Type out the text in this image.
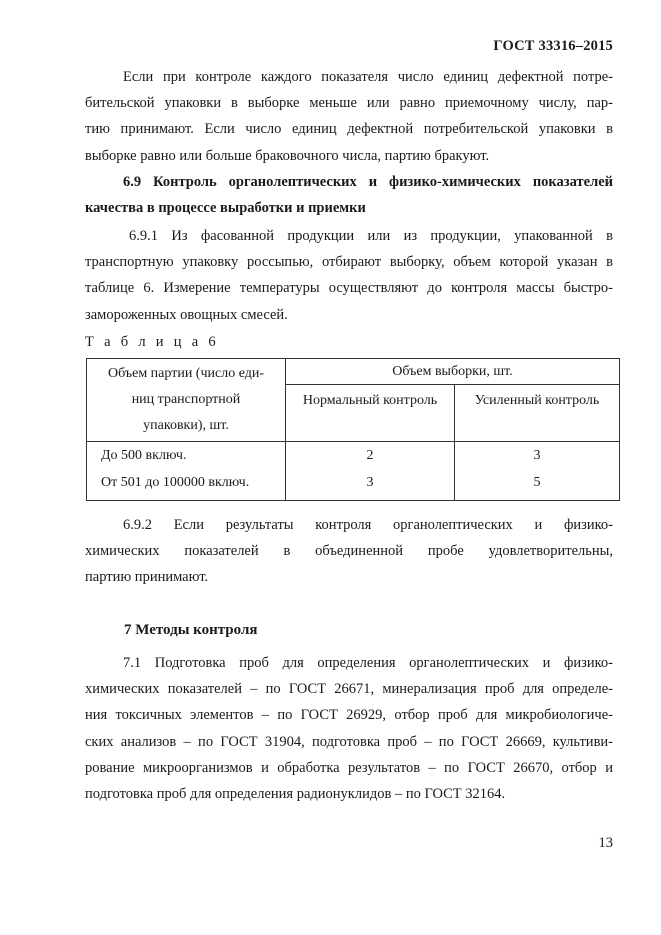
ГОСТ 33316–2015
Если при контроле каждого показателя число единиц дефектной потре-
бительской упаковки в выборке меньше или равно приемочному числу, пар-
тию принимают. Если число единиц дефектной потребительской упаковки в
выборке равно или больше браковочного числа, партию бракуют.
6.9 Контроль органолептических и физико-химических показателей
качества в процессе выработки и приемки
6.9.1 Из фасованной продукции или из продукции, упакованной в
транспортную упаковку россыпью, отбирают выборку, объем которой указан в
таблице 6. Измерение температуры осуществляют до контроля массы быстро-
замороженных овощных смесей.
Т а б л и ц а 6
Объем партии (число еди-
ниц транспортной
упаковки), шт.	Объем выборки, шт.	
	Нормальный контроль	Усиленный контроль
До 500 включ.	2	3
От 501 до 100000 включ.	3	5
6.9.2 Если результаты контроля органолептических и физико-
химических показателей в объединенной пробе удовлетворительны,
партию принимают.
7 Методы контроля
7.1 Подготовка проб для определения органолептических и физико-
химических показателей – по ГОСТ 26671, минерализация проб для определе-
ния токсичных элементов – по ГОСТ 26929, отбор проб для микробиологиче-
ских анализов – по ГОСТ 31904, подготовка проб – по ГОСТ 26669, культиви-
рование микроорганизмов и обработка результатов – по ГОСТ 26670, отбор и
подготовка проб для определения радионуклидов – по ГОСТ 32164.
13
